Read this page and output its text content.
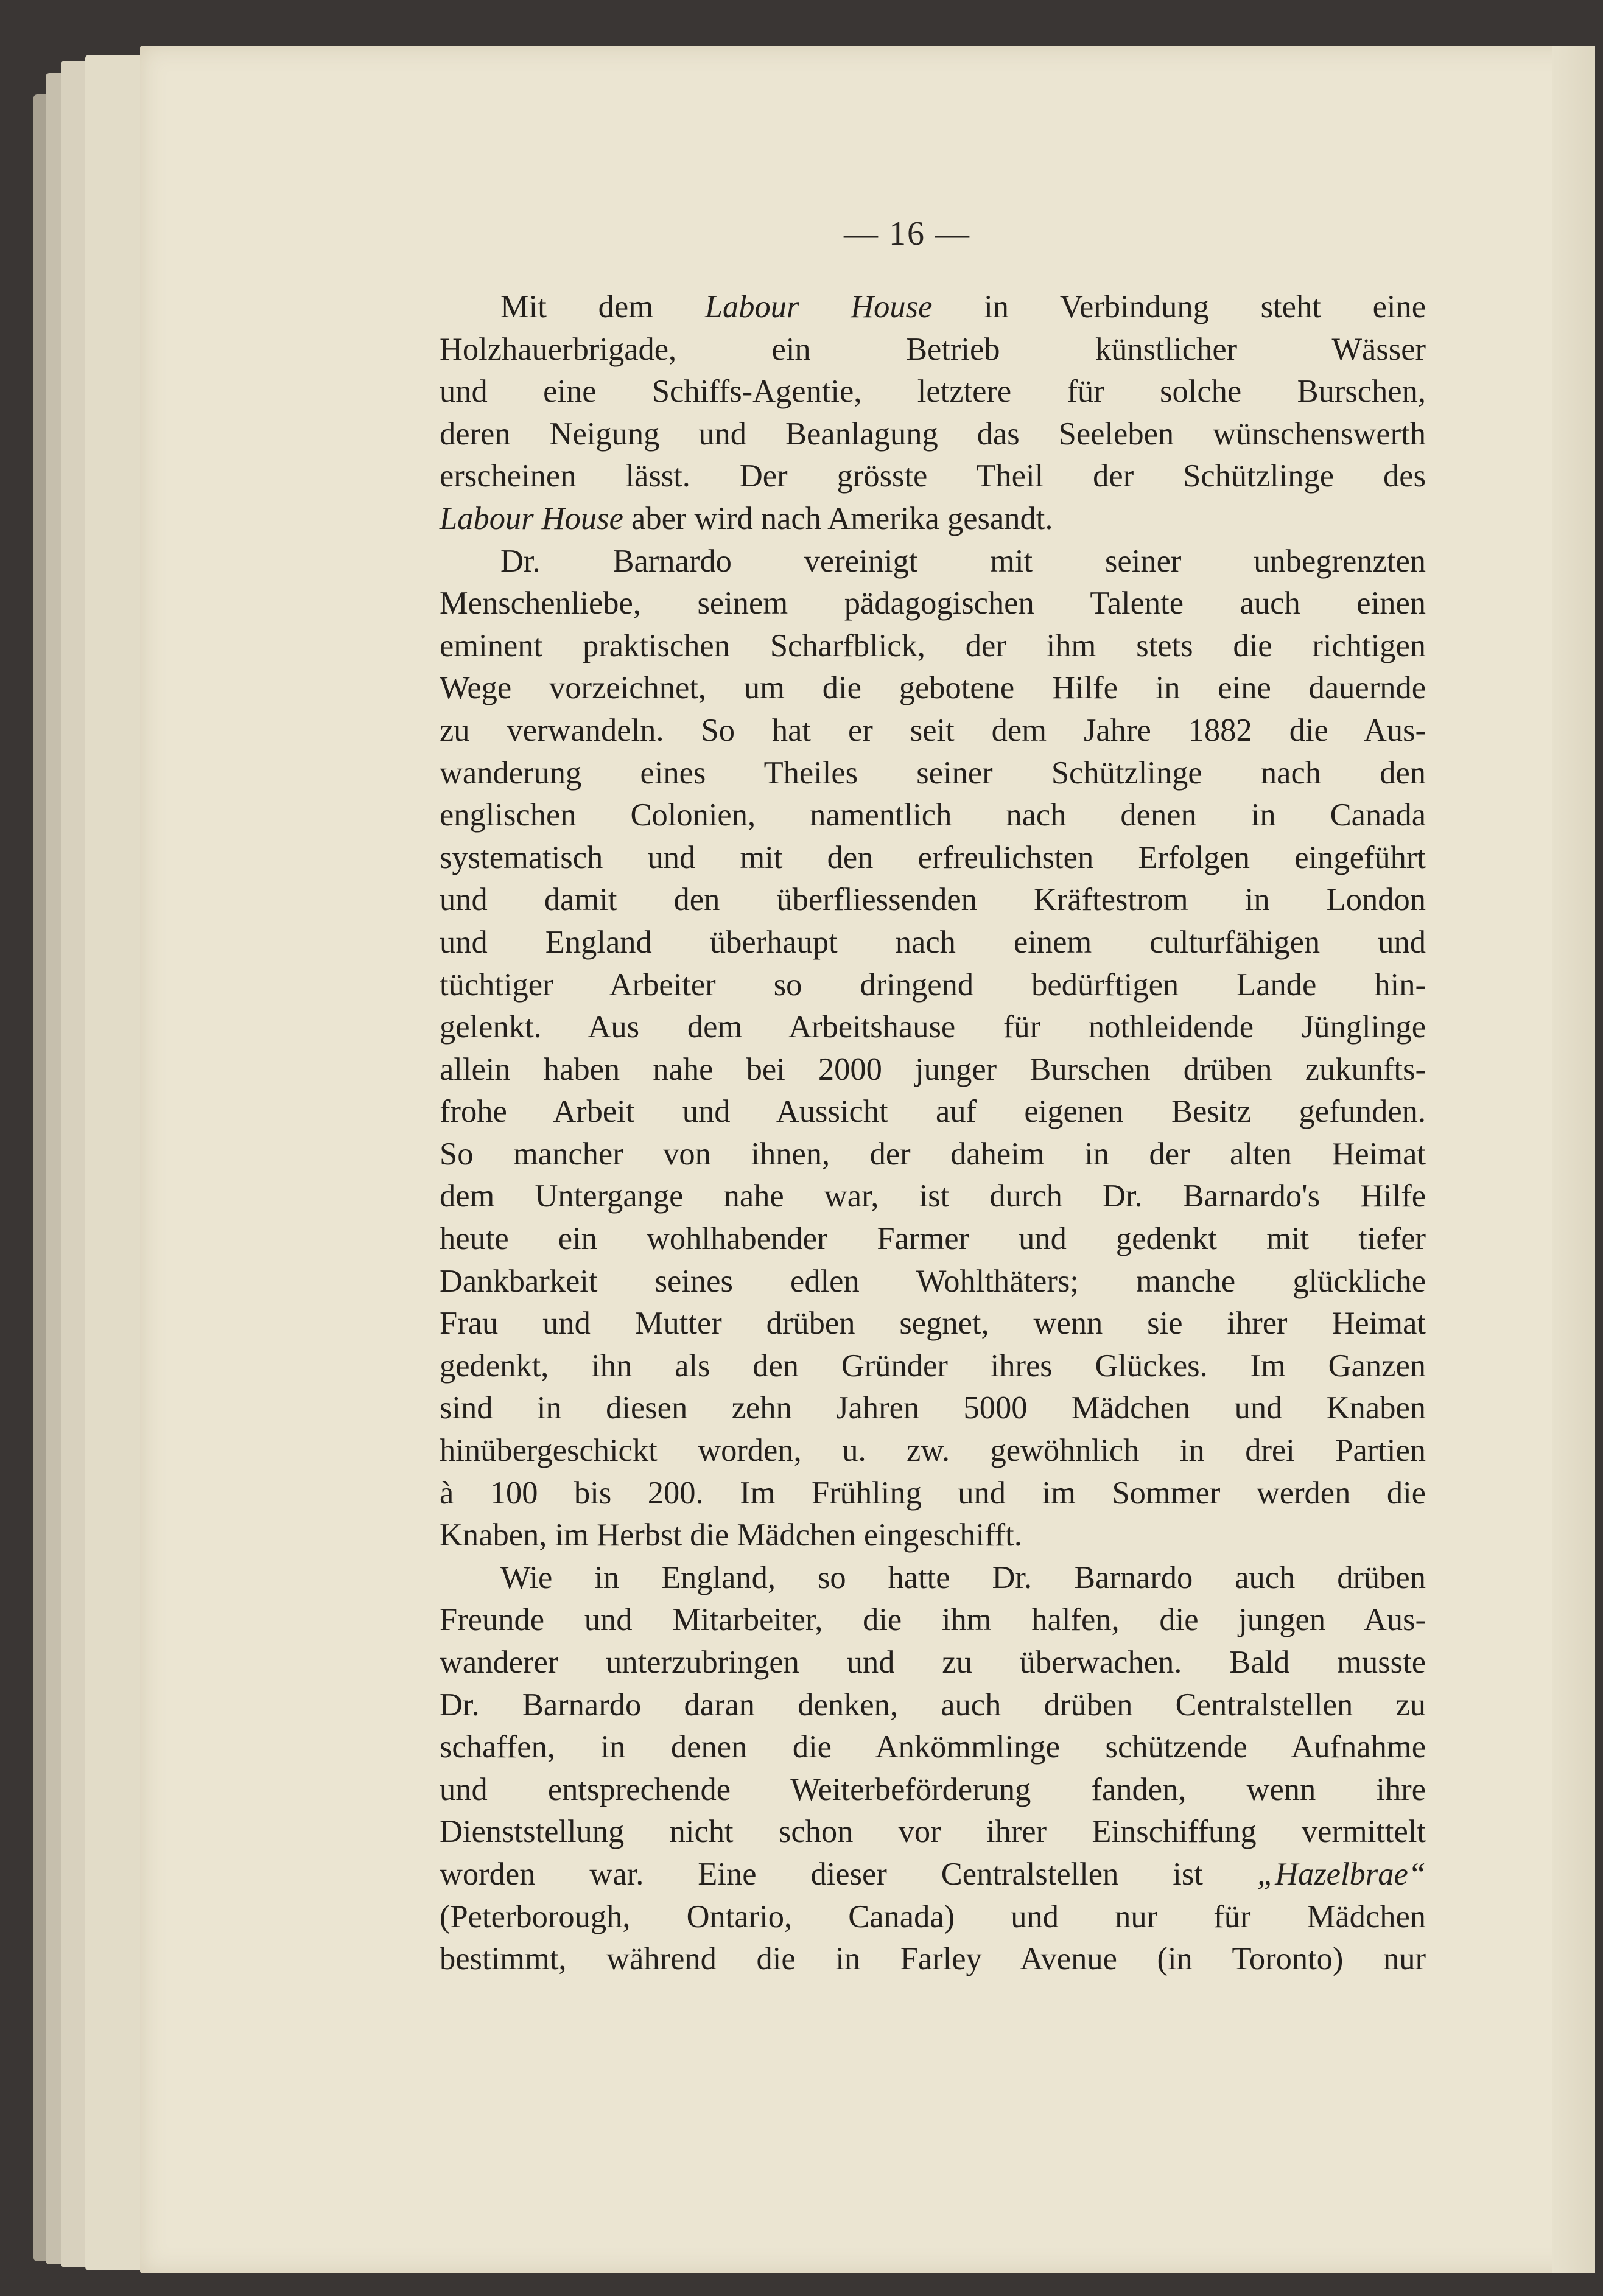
— 16 —
Mit dem Labour House in Verbindung steht eine
Holzhauerbrigade, ein Betrieb künstlicher Wässer
und eine Schiffs-Agentie, letztere für solche Burschen,
deren Neigung und Beanlagung das Seeleben wünschenswerth
erscheinen lässt. Der grösste Theil der Schützlinge des
Labour House aber wird nach Amerika gesandt.
Dr. Barnardo vereinigt mit seiner unbegrenzten
Menschenliebe, seinem pädagogischen Talente auch einen
eminent praktischen Scharfblick, der ihm stets die richtigen
Wege vorzeichnet, um die gebotene Hilfe in eine dauernde
zu verwandeln. So hat er seit dem Jahre 1882 die Aus-
wanderung eines Theiles seiner Schützlinge nach den
englischen Colonien, namentlich nach denen in Canada
systematisch und mit den erfreulichsten Erfolgen eingeführt
und damit den überfliessenden Kräftestrom in London
und England überhaupt nach einem culturfähigen und
tüchtiger Arbeiter so dringend bedürftigen Lande hin-
gelenkt. Aus dem Arbeitshause für nothleidende Jünglinge
allein haben nahe bei 2000 junger Burschen drüben zukunfts-
frohe Arbeit und Aussicht auf eigenen Besitz gefunden.
So mancher von ihnen, der daheim in der alten Heimat
dem Untergange nahe war, ist durch Dr. Barnardo's Hilfe
heute ein wohlhabender Farmer und gedenkt mit tiefer
Dankbarkeit seines edlen Wohlthäters; manche glückliche
Frau und Mutter drüben segnet, wenn sie ihrer Heimat
gedenkt, ihn als den Gründer ihres Glückes. Im Ganzen
sind in diesen zehn Jahren 5000 Mädchen und Knaben
hinübergeschickt worden, u. zw. gewöhnlich in drei Partien
à 100 bis 200. Im Frühling und im Sommer werden die
Knaben, im Herbst die Mädchen eingeschifft.
Wie in England, so hatte Dr. Barnardo auch drüben
Freunde und Mitarbeiter, die ihm halfen, die jungen Aus-
wanderer unterzubringen und zu überwachen. Bald musste
Dr. Barnardo daran denken, auch drüben Centralstellen zu
schaffen, in denen die Ankömmlinge schützende Aufnahme
und entsprechende Weiterbeförderung fanden, wenn ihre
Dienststellung nicht schon vor ihrer Einschiffung vermittelt
worden war. Eine dieser Centralstellen ist „Hazelbrae“
(Peterborough, Ontario, Canada) und nur für Mädchen
bestimmt, während die in Farley Avenue (in Toronto) nur
